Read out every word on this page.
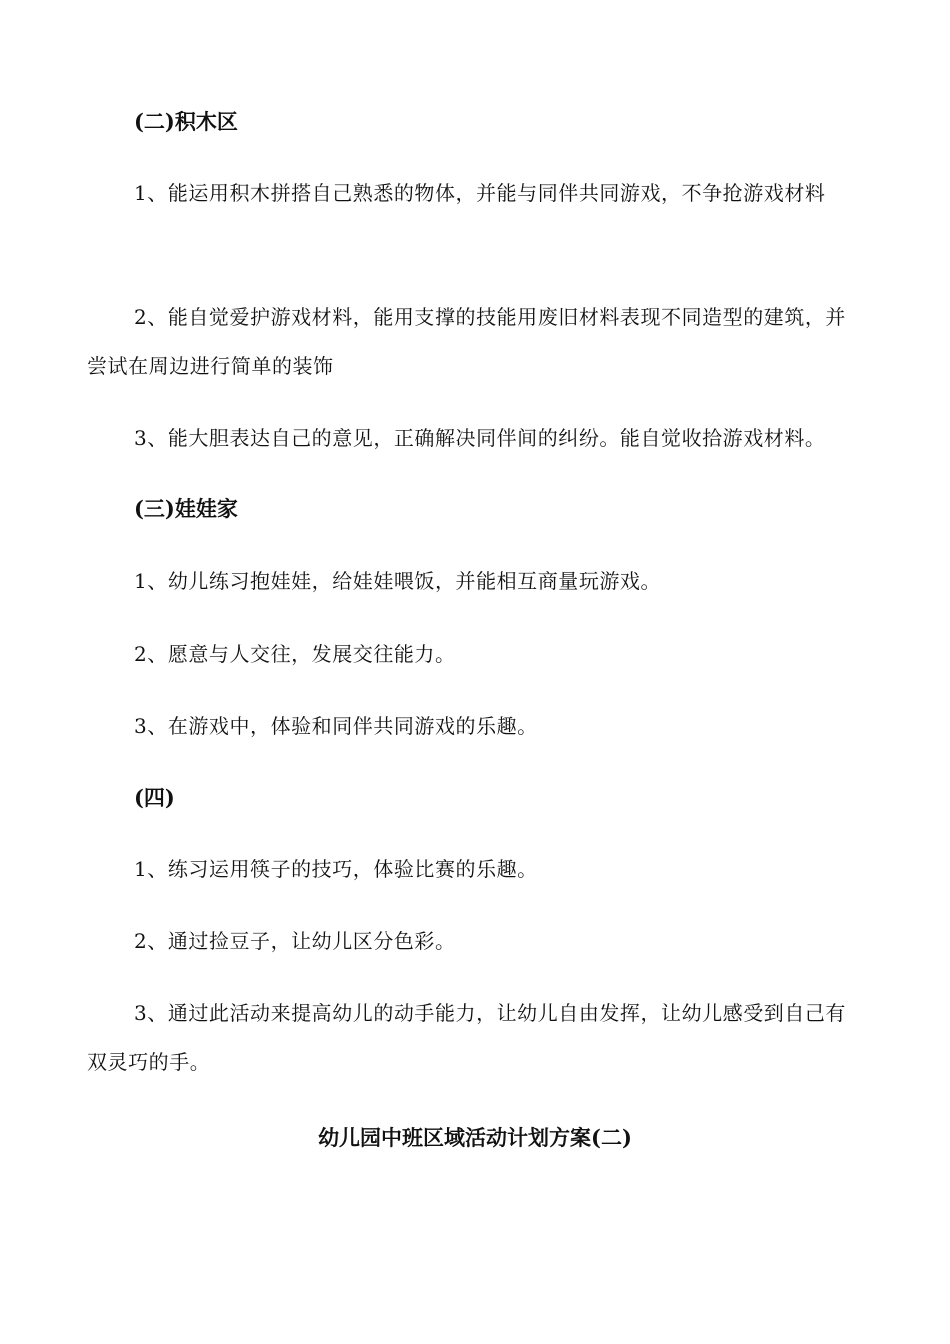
(二)积木区
1、能运用积木拼搭自己熟悉的物体，并能与同伴共同游戏，不争抢游戏材料
2、能自觉爱护游戏材料，能用支撑的技能用废旧材料表现不同造型的建筑，并尝试在周边进行简单的装饰
3、能大胆表达自己的意见，正确解决同伴间的纠纷。能自觉收拾游戏材料。
(三)娃娃家
1、幼儿练习抱娃娃，给娃娃喂饭，并能相互商量玩游戏。
2、愿意与人交往，发展交往能力。
3、在游戏中，体验和同伴共同游戏的乐趣。
(四)
1、练习运用筷子的技巧，体验比赛的乐趣。
2、通过捡豆子，让幼儿区分色彩。
3、通过此活动来提高幼儿的动手能力，让幼儿自由发挥，让幼儿感受到自己有双灵巧的手。
幼儿园中班区域活动计划方案(二)
